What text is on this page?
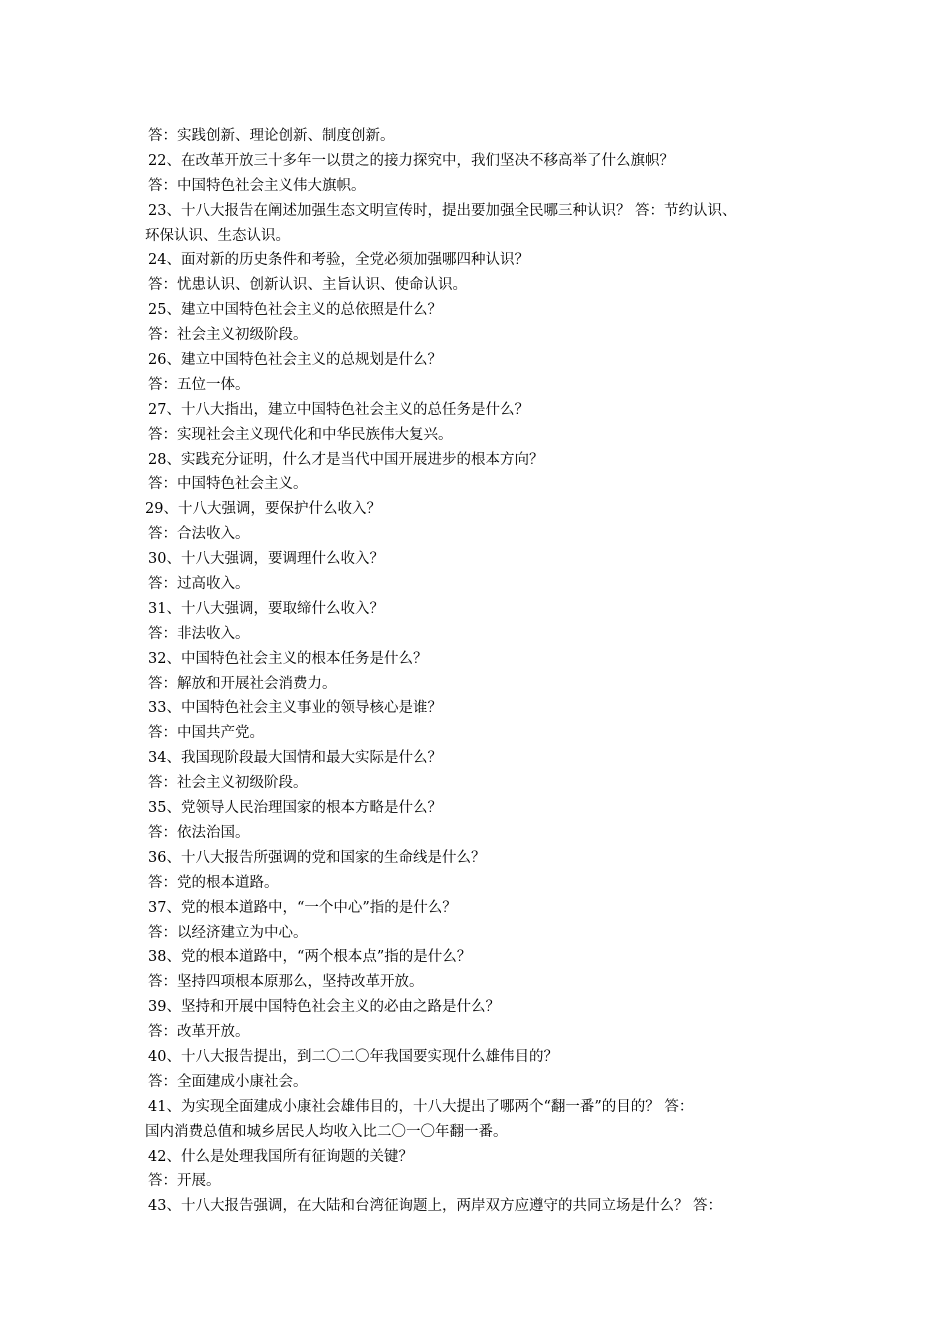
答：实践创新、理论创新、制度创新。
22、在改革开放三十多年一以贯之的接力探究中，我们坚决不移高举了什么旗帜？
答：中国特色社会主义伟大旗帜。
23、十八大报告在阐述加强生态文明宣传时，提出要加强全民哪三种认识？ 答：节约认识、
环保认识、生态认识。
24、面对新的历史条件和考验，全党必须加强哪四种认识？
答：忧患认识、创新认识、主旨认识、使命认识。
25、建立中国特色社会主义的总依照是什么？
答：社会主义初级阶段。
26、建立中国特色社会主义的总规划是什么？
答：五位一体。
27、十八大指出，建立中国特色社会主义的总任务是什么？
答：实现社会主义现代化和中华民族伟大复兴。
28、实践充分证明，什么才是当代中国开展进步的根本方向？
答：中国特色社会主义。
29、十八大强调，要保护什么收入？
答：合法收入。
30、十八大强调，要调理什么收入？
答：过高收入。
31、十八大强调，要取缔什么收入？
答：非法收入。
32、中国特色社会主义的根本任务是什么？
答：解放和开展社会消费力。
33、中国特色社会主义事业的领导核心是谁？
答：中国共产党。
34、我国现阶段最大国情和最大实际是什么？
答：社会主义初级阶段。
35、党领导人民治理国家的根本方略是什么？
答：依法治国。
36、十八大报告所强调的党和国家的生命线是什么？
答：党的根本道路。
37、党的根本道路中，“一个中心”指的是什么？
答：以经济建立为中心。
38、党的根本道路中，“两个根本点”指的是什么？
答：坚持四项根本原那么，坚持改革开放。
39、坚持和开展中国特色社会主义的必由之路是什么？
答：改革开放。
40、十八大报告提出，到二〇二〇年我国要实现什么雄伟目的？
答：全面建成小康社会。
41、为实现全面建成小康社会雄伟目的，十八大提出了哪两个“翻一番”的目的？ 答：
国内消费总值和城乡居民人均收入比二〇一〇年翻一番。
42、什么是处理我国所有征询题的关键？
答：开展。
43、十八大报告强调，在大陆和台湾征询题上，两岸双方应遵守的共同立场是什么？ 答：
